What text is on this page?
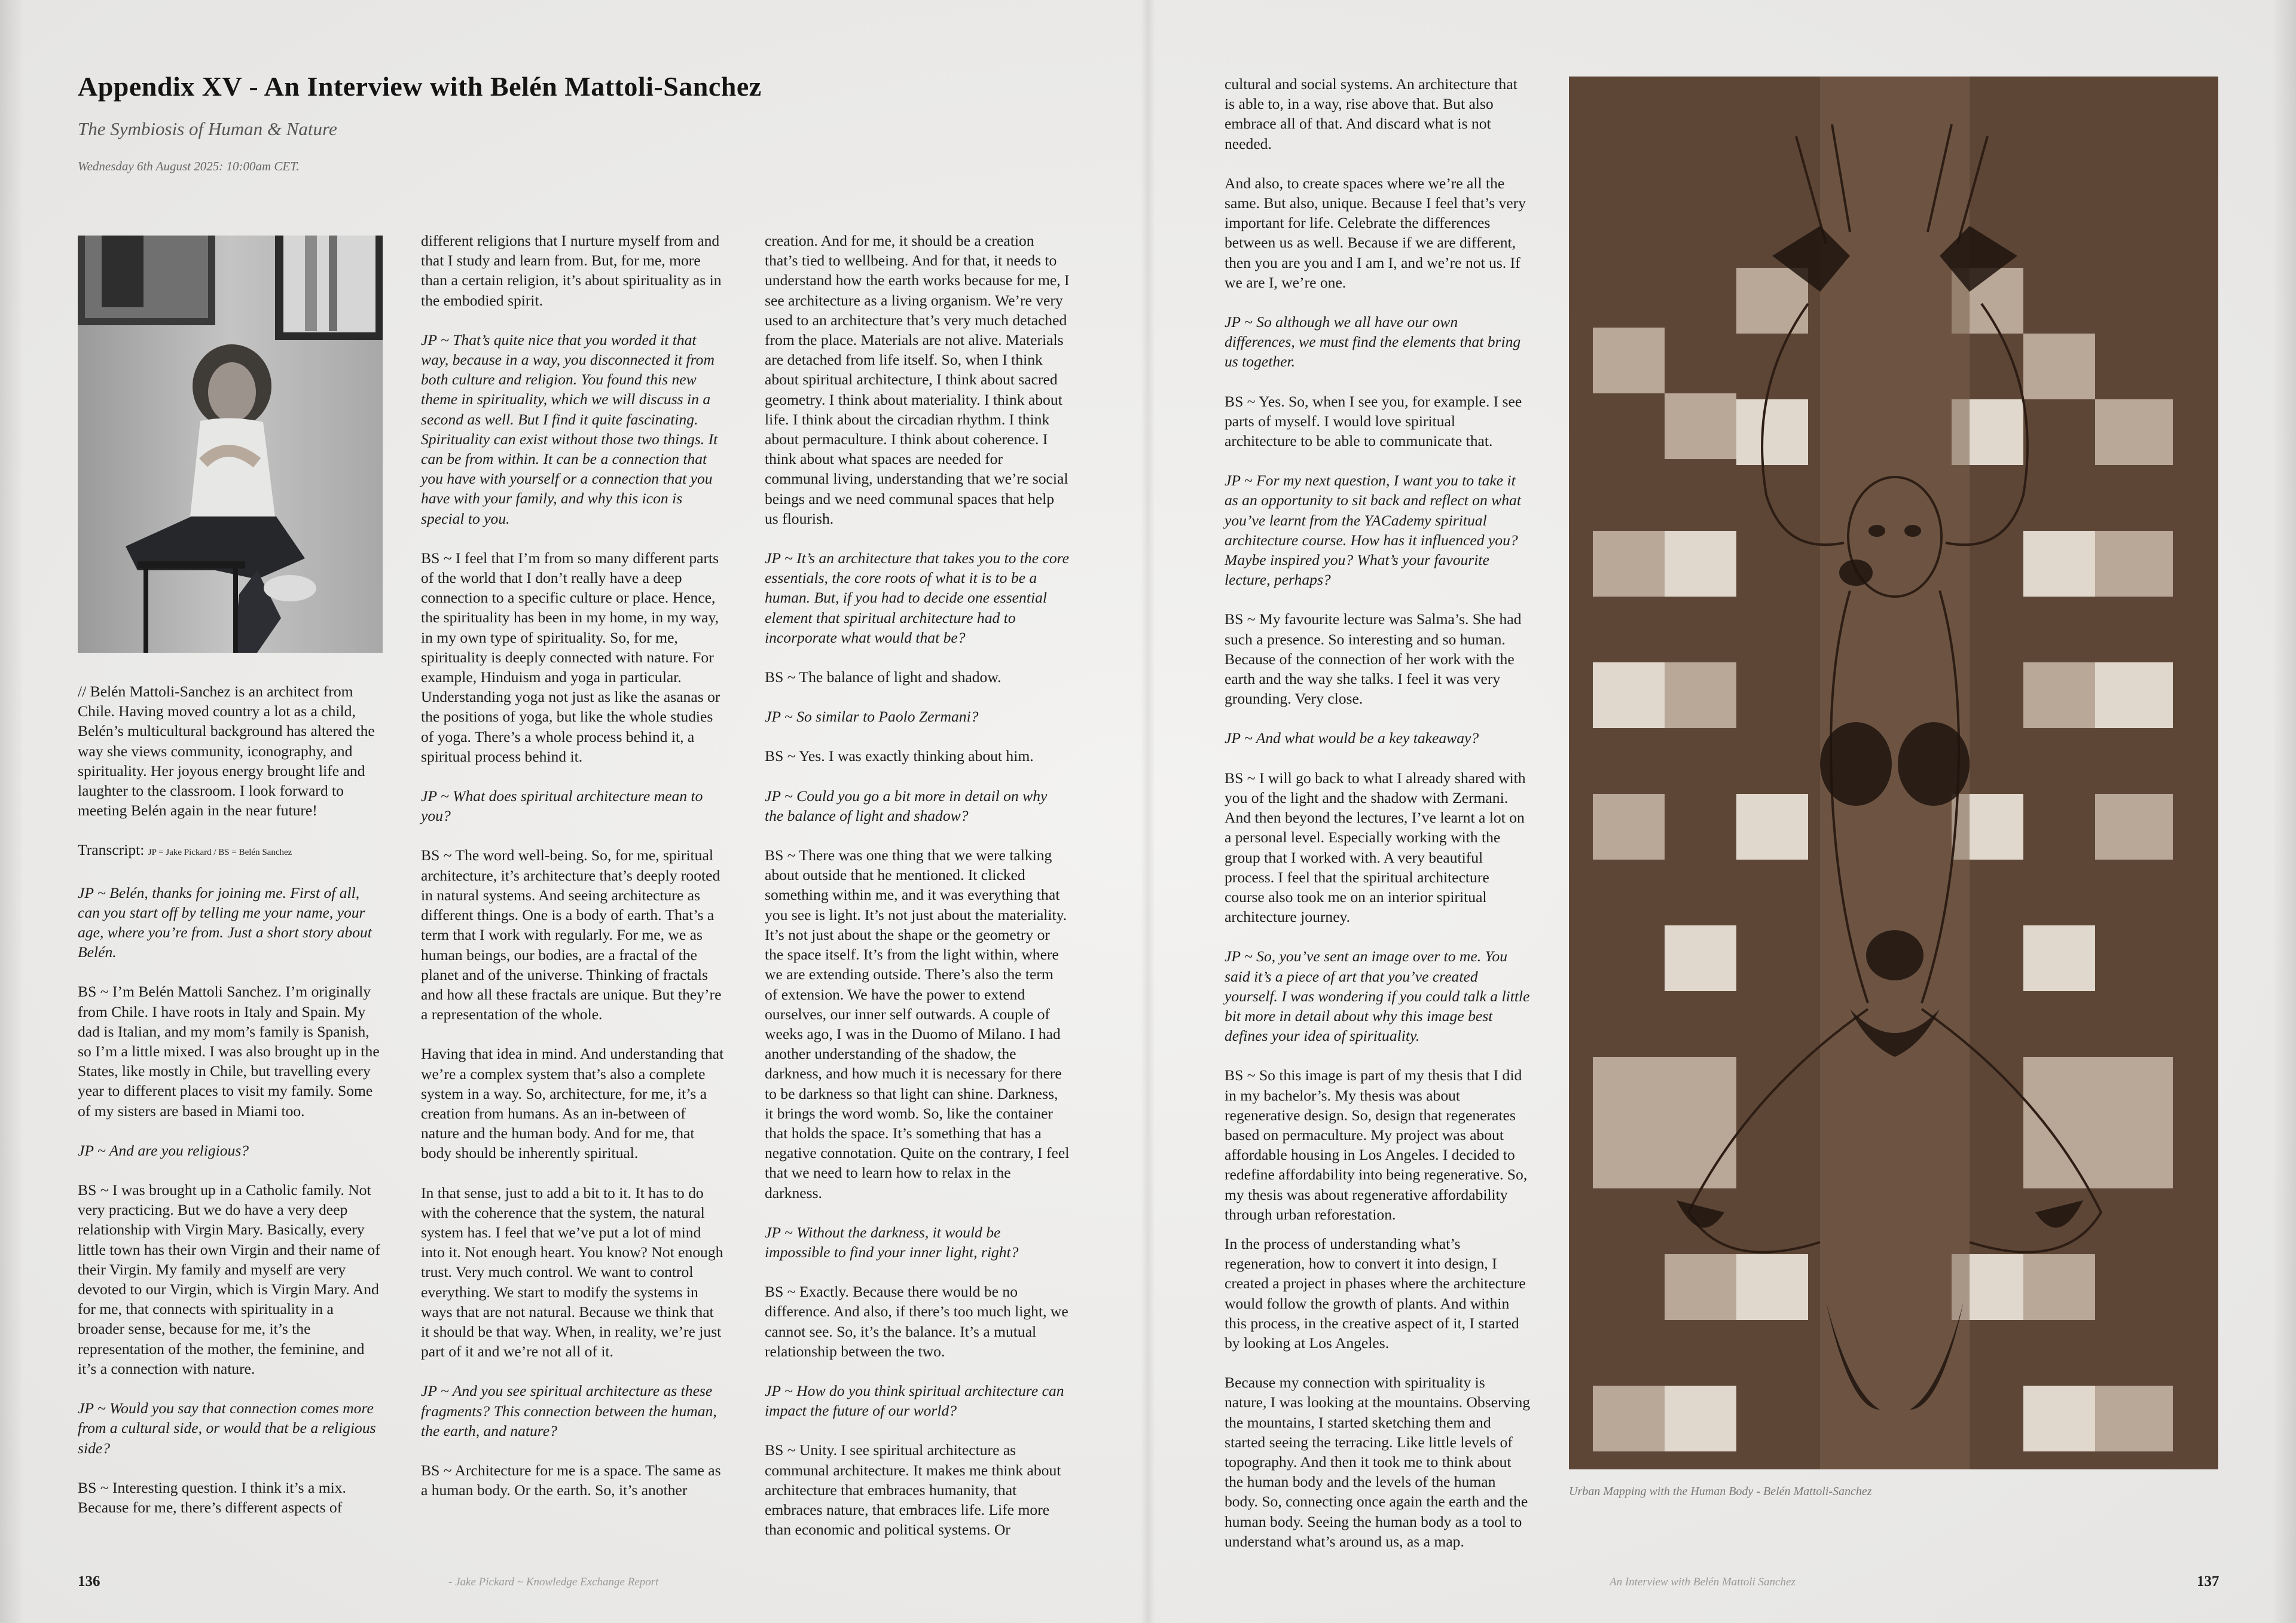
Appendix XV - An Interview with Belén Mattoli-Sanchez
The Symbiosis of Human & Nature
Wednesday 6th August 2025: 10:00am CET.

// Belén Mattoli-Sanchez is an architect from Chile. Having moved country a lot as a child, Belén’s multicultural background has altered the way she views community, iconography, and spirituality. Her joyous energy brought life and laughter to the classroom. I look forward to meeting Belén again in the near future!

Transcript: JP = Jake Pickard / BS = Belén Sanchez

JP ~ Belén, thanks for joining me. First of all, can you start off by telling me your name, your age, where you’re from. Just a short story about Belén.

BS ~ I’m Belén Mattoli Sanchez. I’m originally from Chile. I have roots in Italy and Spain. My dad is Italian, and my mom’s family is Spanish, so I’m a little mixed. I was also brought up in the States, like mostly in Chile, but travelling every year to different places to visit my family. Some of my sisters are based in Miami too.

JP ~ And are you religious?

BS ~ I was brought up in a Catholic family. Not very practicing. But we do have a very deep relationship with Virgin Mary. Basically, every little town has their own Virgin and their name of their Virgin. My family and myself are very devoted to our Virgin, which is Virgin Mary. And for me, that connects with spirituality in a broader sense, because for me, it’s the representation of the mother, the feminine, and it’s a connection with nature.

JP ~ Would you say that connection comes more from a cultural side, or would that be a religious side?

BS ~ Interesting question. I think it’s a mix. Because for me, there’s different aspects of

different religions that I nurture myself from and that I study and learn from. But, for me, more than a certain religion, it’s about spirituality as in the embodied spirit.

JP ~ That’s quite nice that you worded it that way, because in a way, you disconnected it from both culture and religion. You found this new theme in spirituality, which we will discuss in a second as well. But I find it quite fascinating. Spirituality can exist without those two things. It can be from within. It can be a connection that you have with yourself or a connection that you have with your family, and why this icon is special to you.

BS ~ I feel that I’m from so many different parts of the world that I don’t really have a deep connection to a specific culture or place. Hence, the spirituality has been in my home, in my way, in my own type of spirituality. So, for me, spirituality is deeply connected with nature. For example, Hinduism and yoga in particular. Understanding yoga not just as like the asanas or the positions of yoga, but like the whole studies of yoga. There’s a whole process behind it, a spiritual process behind it.

JP ~ What does spiritual architecture mean to you?

BS ~ The word well-being. So, for me, spiritual architecture, it’s architecture that’s deeply rooted in natural systems. And seeing architecture as different things. One is a body of earth. That’s a term that I work with regularly. For me, we as human beings, our bodies, are a fractal of the planet and of the universe. Thinking of fractals and how all these fractals are unique. But they’re a representation of the whole.

Having that idea in mind. And understanding that we’re a complex system that’s also a complete system in a way. So, architecture, for me, it’s a creation from humans. As an in-between of nature and the human body. And for me, that body should be inherently spiritual.

In that sense, just to add a bit to it. It has to do with the coherence that the system, the natural system has. I feel that we’ve put a lot of mind into it. Not enough heart. You know? Not enough trust. Very much control. We want to control everything. We start to modify the systems in ways that are not natural. Because we think that it should be that way. When, in reality, we’re just part of it and we’re not all of it.

JP ~ And you see spiritual architecture as these fragments? This connection between the human, the earth, and nature?

BS ~ Architecture for me is a space. The same as a human body. Or the earth. So, it’s another

creation. And for me, it should be a creation that’s tied to wellbeing. And for that, it needs to understand how the earth works because for me, I see architecture as a living organism. We’re very used to an architecture that’s very much detached from the place. Materials are not alive. Materials are detached from life itself. So, when I think about spiritual architecture, I think about sacred geometry. I think about materiality. I think about life. I think about the circadian rhythm. I think about permaculture. I think about coherence. I think about what spaces are needed for communal living, understanding that we’re social beings and we need communal spaces that help us flourish.

JP ~ It’s an architecture that takes you to the core essentials, the core roots of what it is to be a human. But, if you had to decide one essential element that spiritual architecture had to incorporate what would that be?

BS ~ The balance of light and shadow.

JP ~ So similar to Paolo Zermani?

BS ~ Yes. I was exactly thinking about him.

JP ~ Could you go a bit more in detail on why the balance of light and shadow?

BS ~ There was one thing that we were talking about outside that he mentioned. It clicked something within me, and it was everything that you see is light. It’s not just about the materiality. It’s not just about the shape or the geometry or the space itself. It’s from the light within, where we are extending outside. There’s also the term of extension. We have the power to extend ourselves, our inner self outwards. A couple of weeks ago, I was in the Duomo of Milano. I had another understanding of the shadow, the darkness, and how much it is necessary for there to be darkness so that light can shine. Darkness, it brings the word womb. So, like the container that holds the space. It’s something that has a negative connotation. Quite on the contrary, I feel that we need to learn how to relax in the darkness.

JP ~ Without the darkness, it would be impossible to find your inner light, right?

BS ~ Exactly. Because there would be no difference. And also, if there’s too much light, we cannot see. So, it’s the balance. It’s a mutual relationship between the two.

JP ~ How do you think spiritual architecture can impact the future of our world?

BS ~ Unity. I see spiritual architecture as communal architecture. It makes me think about architecture that embraces humanity, that embraces nature, that embraces life. Life more than economic and political systems. Or

136	- Jake Pickard ~ Knowledge Exchange Report

cultural and social systems. An architecture that is able to, in a way, rise above that. But also embrace all of that. And discard what is not needed.

And also, to create spaces where we’re all the same. But also, unique. Because I feel that’s very important for life. Celebrate the differences between us as well. Because if we are different, then you are you and I am I, and we’re not us. If we are I, we’re one.

JP ~ So although we all have our own differences, we must find the elements that bring us together.

BS ~ Yes. So, when I see you, for example. I see parts of myself. I would love spiritual architecture to be able to communicate that.

JP ~ For my next question, I want you to take it as an opportunity to sit back and reflect on what you’ve learnt from the YACademy spiritual architecture course. How has it influenced you? Maybe inspired you? What’s your favourite lecture, perhaps?

BS ~ My favourite lecture was Salma’s. She had such a presence. So interesting and so human. Because of the connection of her work with the earth and the way she talks. I feel it was very grounding. Very close.

JP ~ And what would be a key takeaway?

BS ~ I will go back to what I already shared with you of the light and the shadow with Zermani. And then beyond the lectures, I’ve learnt a lot on a personal level. Especially working with the group that I worked with. A very beautiful process. I feel that the spiritual architecture course also took me on an interior spiritual architecture journey.

JP ~ So, you’ve sent an image over to me. You said it’s a piece of art that you’ve created yourself. I was wondering if you could talk a little bit more in detail about why this image best defines your idea of spirituality.

BS ~ So this image is part of my thesis that I did in my bachelor’s. My thesis was about regenerative design. So, design that regenerates based on permaculture. My project was about affordable housing in Los Angeles. I decided to redefine affordability into being regenerative. So, my thesis was about regenerative affordability through urban reforestation.

In the process of understanding what’s regeneration, how to convert it into design, I created a project in phases where the architecture would follow the growth of plants. And within this process, in the creative aspect of it, I started by looking at Los Angeles.

Because my connection with spirituality is nature, I was looking at the mountains. Observing the mountains, I started sketching them and started seeing the terracing. Like little levels of topography. And then it took me to think about the human body and the levels of the human body. So, connecting once again the earth and the human body. Seeing the human body as a tool to understand what’s around us, as a map.

Urban Mapping with the Human Body - Belén Mattoli-Sanchez
An Interview with Belén Mattoli Sanchez	137
